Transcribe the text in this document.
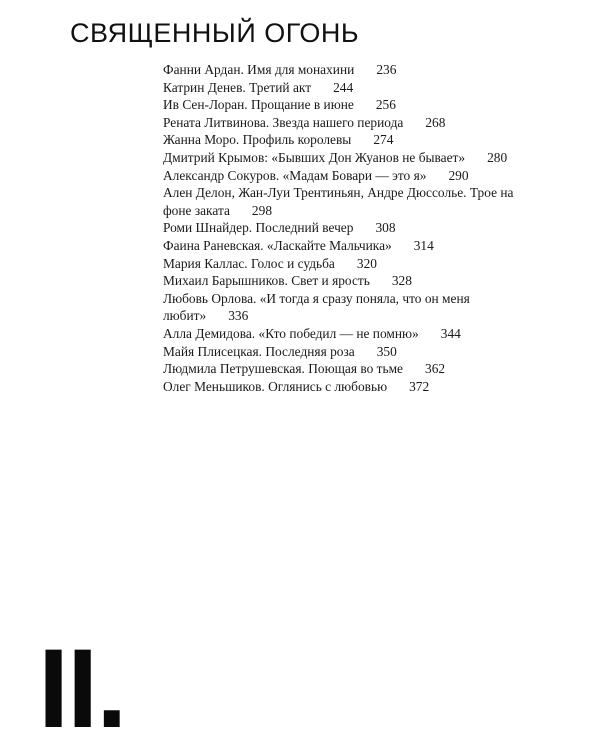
СВЯЩЕННЫЙ ОГОНЬ

Фанни Ардан. Имя для монахини 236

Катрин Денев. Третий акт 244

Ив Сен-Лоран. Прощание в июне 256

Рената Литвинова. Звезда нашего периода 268

Жанна Моро. Профиль королевы 274

Дмитрий Крымов: «Бывших Дон Жуанов не бывает» 280

Александр Сокуров. «Мадам Бовари — это я» 290

Ален Делон, Жан-Луи Трентиньян, Андре Дюссолье. Трое на фоне заката 298

Роми Шнайдер. Последний вечер 308

Фаина Раневская. «Ласкайте Мальчика» 314

Мария Каллас. Голос и судьба 320

Михаил Барышников. Свет и ярость 328

Любовь Орлова. «И тогда я сразу поняла, что он меня любит» 336

Алла Демидова. «Кто победил — не помню» 344

Майя Плисецкая. Последняя роза 350

Людмила Петрушевская. Поющая во тьме 362

Олег Меньшиков. Оглянись с любовью 372

II.
